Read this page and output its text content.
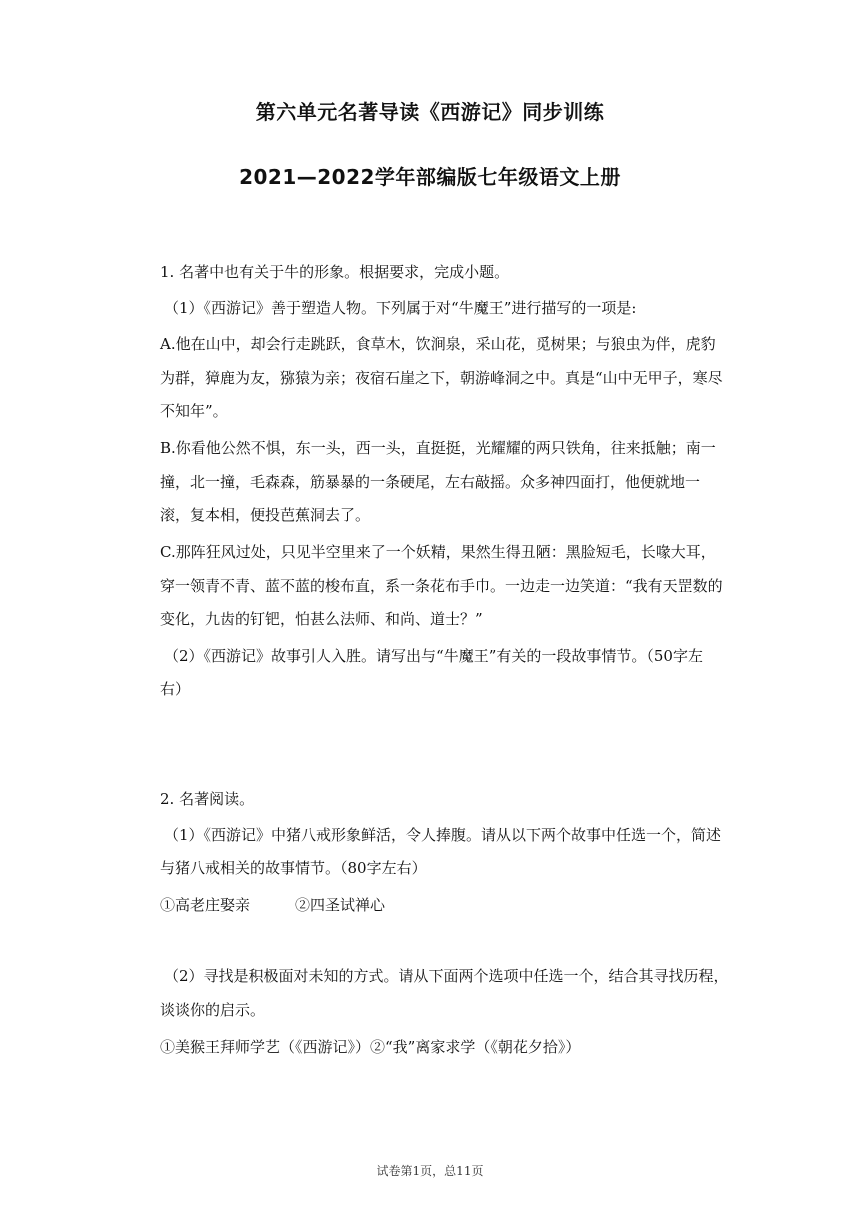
第六单元名著导读《西游记》同步训练
2021—2022学年部编版七年级语文上册
1. 名著中也有关于牛的形象。根据要求，完成小题。
（1）《西游记》善于塑造人物。下列属于对“牛魔王”进行描写的一项是:
A.他在山中，却会行走跳跃，食草木，饮涧泉，采山花，觅树果；与狼虫为伴，虎豹
为群，獐鹿为友，猕猿为亲；夜宿石崖之下，朝游峰洞之中。真是“山中无甲子，寒尽
不知年”。
B.你看他公然不惧，东一头，西一头，直挺挺，光耀耀的两只铁角，往来抵触；南一
撞，北一撞，毛森森，筋暴暴的一条硬尾，左右敲摇。众多神四面打，他便就地一
滚，复本相，便投芭蕉洞去了。
C.那阵狂风过处，只见半空里来了一个妖精，果然生得丑陋：黑脸短毛，长喙大耳，
穿一领青不青、蓝不蓝的梭布直，系一条花布手巾。一边走一边笑道：“我有天罡数的
变化，九齿的钉钯，怕甚么法师、和尚、道士？”
（2）《西游记》故事引人入胜。请写出与“牛魔王”有关的一段故事情节。（50字左
右）
2. 名著阅读。
（1）《西游记》中猪八戒形象鲜活，令人捧腹。请从以下两个故事中任选一个，简述
与猪八戒相关的故事情节。（80字左右）
①高老庄娶亲　　　②四圣试禅心
（2）寻找是积极面对未知的方式。请从下面两个选项中任选一个，结合其寻找历程，
谈谈你的启示。
①美猴王拜师学艺（《西游记》）②“我”离家求学（《朝花夕拾》）
试卷第1页，总11页
